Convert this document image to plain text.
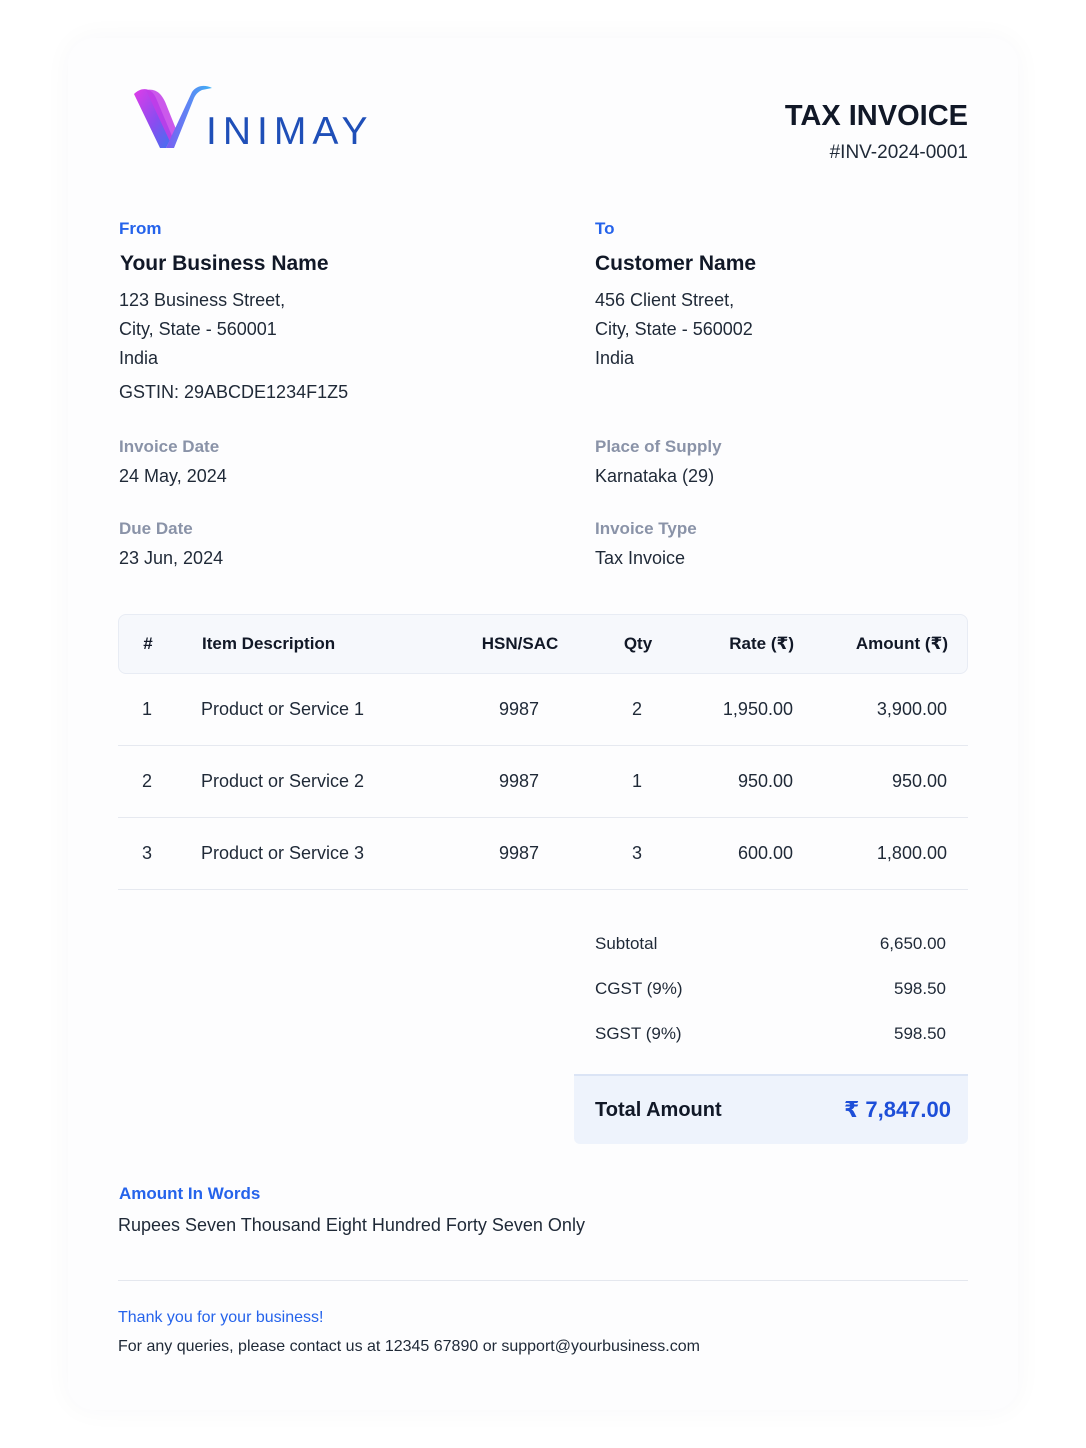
INIMAY	TAX INVOICE
#INV-2024-0001
From
Your Business Name
123 Business Street,
City, State - 560001
India
GSTIN: 29ABCDE1234F1Z5
To
Customer Name
456 Client Street,
City, State - 560002
India
Invoice Date
24 May, 2024
Due Date
23 Jun, 2024
Place of Supply
Karnataka (29)
Invoice Type
Tax Invoice
#	Item Description	HSN/SAC	Qty	Rate (₹)	Amount (₹)
1	Product or Service 1	9987	2	1,950.00	3,900.00
2	Product or Service 2	9987	1	950.00	950.00
3	Product or Service 3	9987	3	600.00	1,800.00
Subtotal	6,650.00
CGST (9%)	598.50
SGST (9%)	598.50
Total Amount	₹ 7,847.00
Amount In Words
Rupees Seven Thousand Eight Hundred Forty Seven Only
Thank you for your business!
For any queries, please contact us at 12345 67890 or support@yourbusiness.com
